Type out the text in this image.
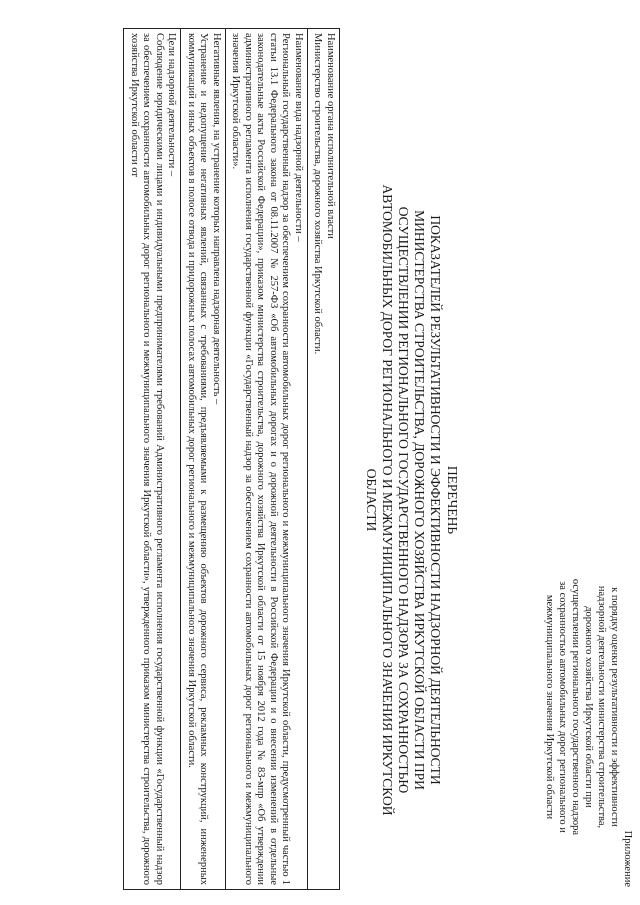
Приложение
к порядку оценки результативности и эффективности
надзорной деятельности министерства строительства,
дорожного хозяйства Иркутской области при
осуществлении регионального государственного надзора
за сохранностью автомобильных дорог регионального и
межмуниципального значения Иркутской области
ПЕРЕЧЕНЬ
ПОКАЗАТЕЛЕЙ РЕЗУЛЬТАТИВНОСТИ И ЭФФЕКТИВНОСТИ НАДЗОРНОЙ ДЕЯТЕЛЬНОСТИ МИНИСТЕРСТВА СТРОИТЕЛЬСТВА, ДОРОЖНОГО ХОЗЯЙСТВА ИРКУТСКОЙ ОБЛАСТИ ПРИ ОСУЩЕСТВЛЕНИИ РЕГИОНАЛЬНОГО ГОСУДАРСТВЕННОГО НАДЗОРА ЗА СОХРАННОСТЬЮ АВТОМОБИЛЬНЫХ ДОРОГ РЕГИОНАЛЬНОГО И МЕЖМУНИЦИПАЛЬНОГО ЗНАЧЕНИЯ ИРКУТСКОЙ ОБЛАСТИ
Наименование органа исполнительной власти
Министерство строительства, дорожного хозяйства Иркутской области.

Наименование вида надзорной деятельности –
Региональный государственный надзор за обеспечением сохранности автомобильных дорог регионального и межмуниципального значения Иркутской области, предусмотренный частью 1 статьи 13.1 Федерального закона от 08.11.2007 № 257-ФЗ «Об автомобильных дорогах и о дорожной деятельности в Российской Федерации и о внесении изменений в отдельные законодательные акты Российской Федерации», приказом министерства строительства, дорожного хозяйства Иркутской области от 15 ноября 2012 года № 83-мпр «Об утверждении административного регламента исполнения государственной функции «Государственный надзор за обеспечением сохранности автомобильных дорог регионального и межмуниципального значения Иркутской области».

Негативные явления, на устранение которых направлена надзорная деятельность –
Устранение и недопущение негативных явлений, связанных с требованиями, предъявляемыми к размещению объектов дорожного сервиса, рекламных конструкций, инженерных коммуникаций и иных объектов в полосе отвода и придорожных полосах автомобильных дорог регионального и межмуниципального значения Иркутской области.

Цели надзорной деятельности –
Соблюдение юридическими лицами и индивидуальными предпринимателями требований Административного регламента исполнения государственной функции «Государственный надзор за обеспечением сохранности автомобильных дорог регионального и межмуниципального значения Иркутской области», утвержденного приказом министерства строительства, дорожного хозяйства Иркутской области от
